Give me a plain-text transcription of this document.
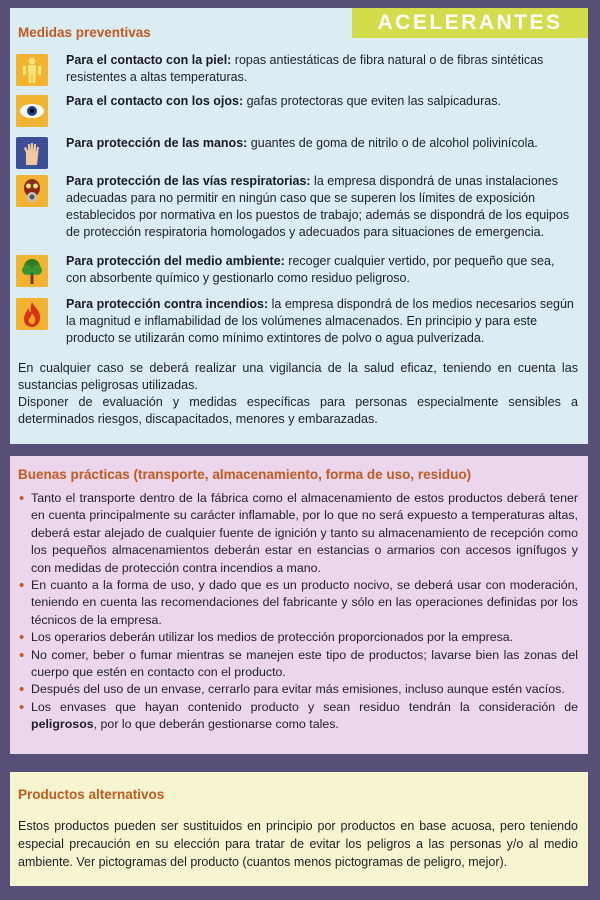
Medidas preventivas	ACELERANTES
Para el contacto con la piel: ropas antiestáticas de fibra natural o de fibras sintéticas resistentes a altas temperaturas.
Para el contacto con los ojos: gafas protectoras que eviten las salpicaduras.
Para protección de las manos: guantes de goma de nitrilo o de alcohol polivinícola.
Para protección de las vías respiratorias: la empresa dispondrá de unas instalaciones adecuadas para no permitir en ningún caso que se superen los límites de exposición establecidos por normativa en los puestos de trabajo; además se dispondrá de los equipos de protección respiratoria homologados y adecuados para situaciones de emergencia.
Para protección del medio ambiente: recoger cualquier vertido, por pequeño que sea, con absorbente químico y gestionarlo como residuo peligroso.
Para protección contra incendios: la empresa dispondrá de los medios necesarios según la magnitud e inflamabilidad de los volúmenes almacenados. En principio y para este producto se utilizarán como mínimo extintores de polvo o agua pulverizada.

En cualquier caso se deberá realizar una vigilancia de la salud eficaz, teniendo en cuenta las sustancias peligrosas utilizadas.

Disponer de evaluación y medidas específicas para personas especialmente sensibles a determinados riesgos, discapacitados, menores y embarazadas.

Buenas prácticas (transporte, almacenamiento, forma de uso, residuo)
• Tanto el transporte dentro de la fábrica como el almacenamiento de estos productos deberá tener en cuenta principalmente su carácter inflamable, por lo que no será expuesto a temperaturas altas, deberá estar alejado de cualquier fuente de ignición y tanto su almacenamiento de recepción como los pequeños almacenamientos deberán estar en estancias o armarios con accesos ignífugos y con medidas de protección contra incendios a mano.
• En cuanto a la forma de uso, y dado que es un producto nocivo, se deberá usar con moderación, teniendo en cuenta las recomendaciones del fabricante y sólo en las operaciones definidas por los técnicos de la empresa.
• Los operarios deberán utilizar los medios de protección proporcionados por la empresa.
• No comer, beber o fumar mientras se manejen este tipo de productos; lavarse bien las zonas del cuerpo que estén en contacto con el producto.
• Después del uso de un envase, cerrarlo para evitar más emisiones, incluso aunque estén vacíos.
• Los envases que hayan contenido producto y sean residuo tendrán la consideración de peligrosos, por lo que deberán gestionarse como tales.
Productos alternativos
Estos productos pueden ser sustituidos en principio por productos en base acuosa, pero teniendo especial precaución en su elección para tratar de evitar los peligros a las personas y/o al medio ambiente. Ver pictogramas del producto (cuantos menos pictogramas de peligro, mejor).
